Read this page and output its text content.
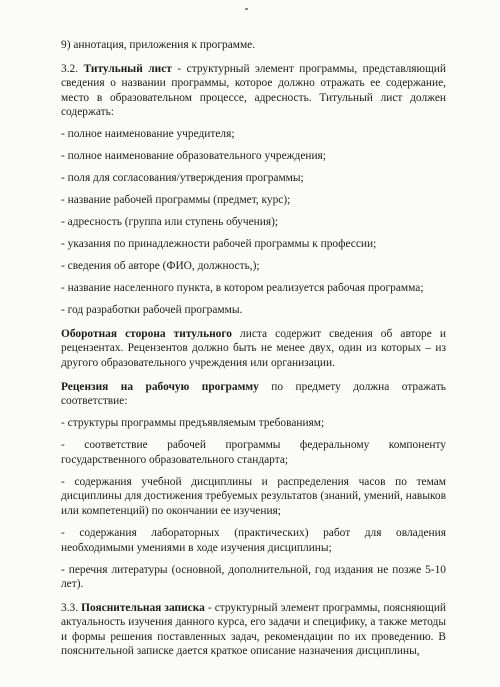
9) аннотация, приложения к программе.

3.2. Титульный лист - структурный элемент программы, представляющий сведения о названии программы, которое должно отражать ее содержание, место в образовательном процессе, адресность. Титульный лист должен содержать:

- полное наименование учредителя;

- полное наименование образовательного учреждения;

- поля для согласования/утверждения программы;

- название рабочей программы (предмет, курс);

- адресность (группа или ступень обучения);

- указания по принадлежности рабочей программы к профессии;

- сведения об авторе (ФИО, должность,);

- название населенного пункта, в котором реализуется рабочая программа;

- год разработки рабочей программы.

Оборотная сторона титульного листа содержит сведения об авторе и рецензентах. Рецензентов должно быть не менее двух, один из которых – из другого образовательного учреждения или организации.

Рецензия на рабочую программу по предмету должна отражать соответствие:

- структуры программы предъявляемым требованиям;

- соответствие рабочей программы федеральному компоненту государственного образовательного стандарта;

- содержания учебной дисциплины и распределения часов по темам дисциплины для достижения требуемых результатов (знаний, умений, навыков или компетенций) по окончании ее изучения;

- содержания лабораторных (практических) работ для овладения необходимыми умениями в ходе изучения дисциплины;

- перечня литературы (основной, дополнительной, год издания не позже 5-10 лет).

3.3. Пояснительная записка - структурный элемент программы, поясняющий актуальность изучения данного курса, его задачи и специфику, а также методы и формы решения поставленных задач, рекомендации по их проведению. В пояснительной записке дается краткое описание назначения дисциплины,
